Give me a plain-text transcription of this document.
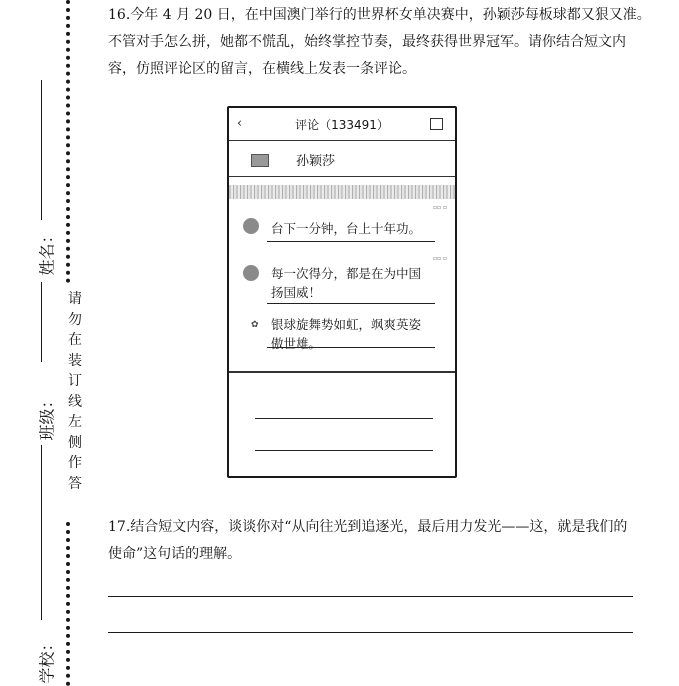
姓名：
班级：
学校：
请
勿
在
装
订
线
左
侧
作
答
16.今年 4 月 20 日，在中国澳门举行的世界杯女单决赛中，孙颖莎每板球都又狠又准。
不管对手怎么拼，她都不慌乱，始终掌控节奏，最终获得世界冠军。请你结合短文内
容，仿照评论区的留言，在横线上发表一条评论。
‹	评论（133491）
孙颖莎
▫▫ ▫
台下一分钟，台上十年功。
▫▫ ▫
每一次得分，都是在为中国
扬国威！
✿ 银球旋舞势如虹，飒爽英姿
傲世雄。
17.结合短文内容，谈谈你对“从向往光到追逐光，最后用力发光——这，就是我们的
使命”这句话的理解。
